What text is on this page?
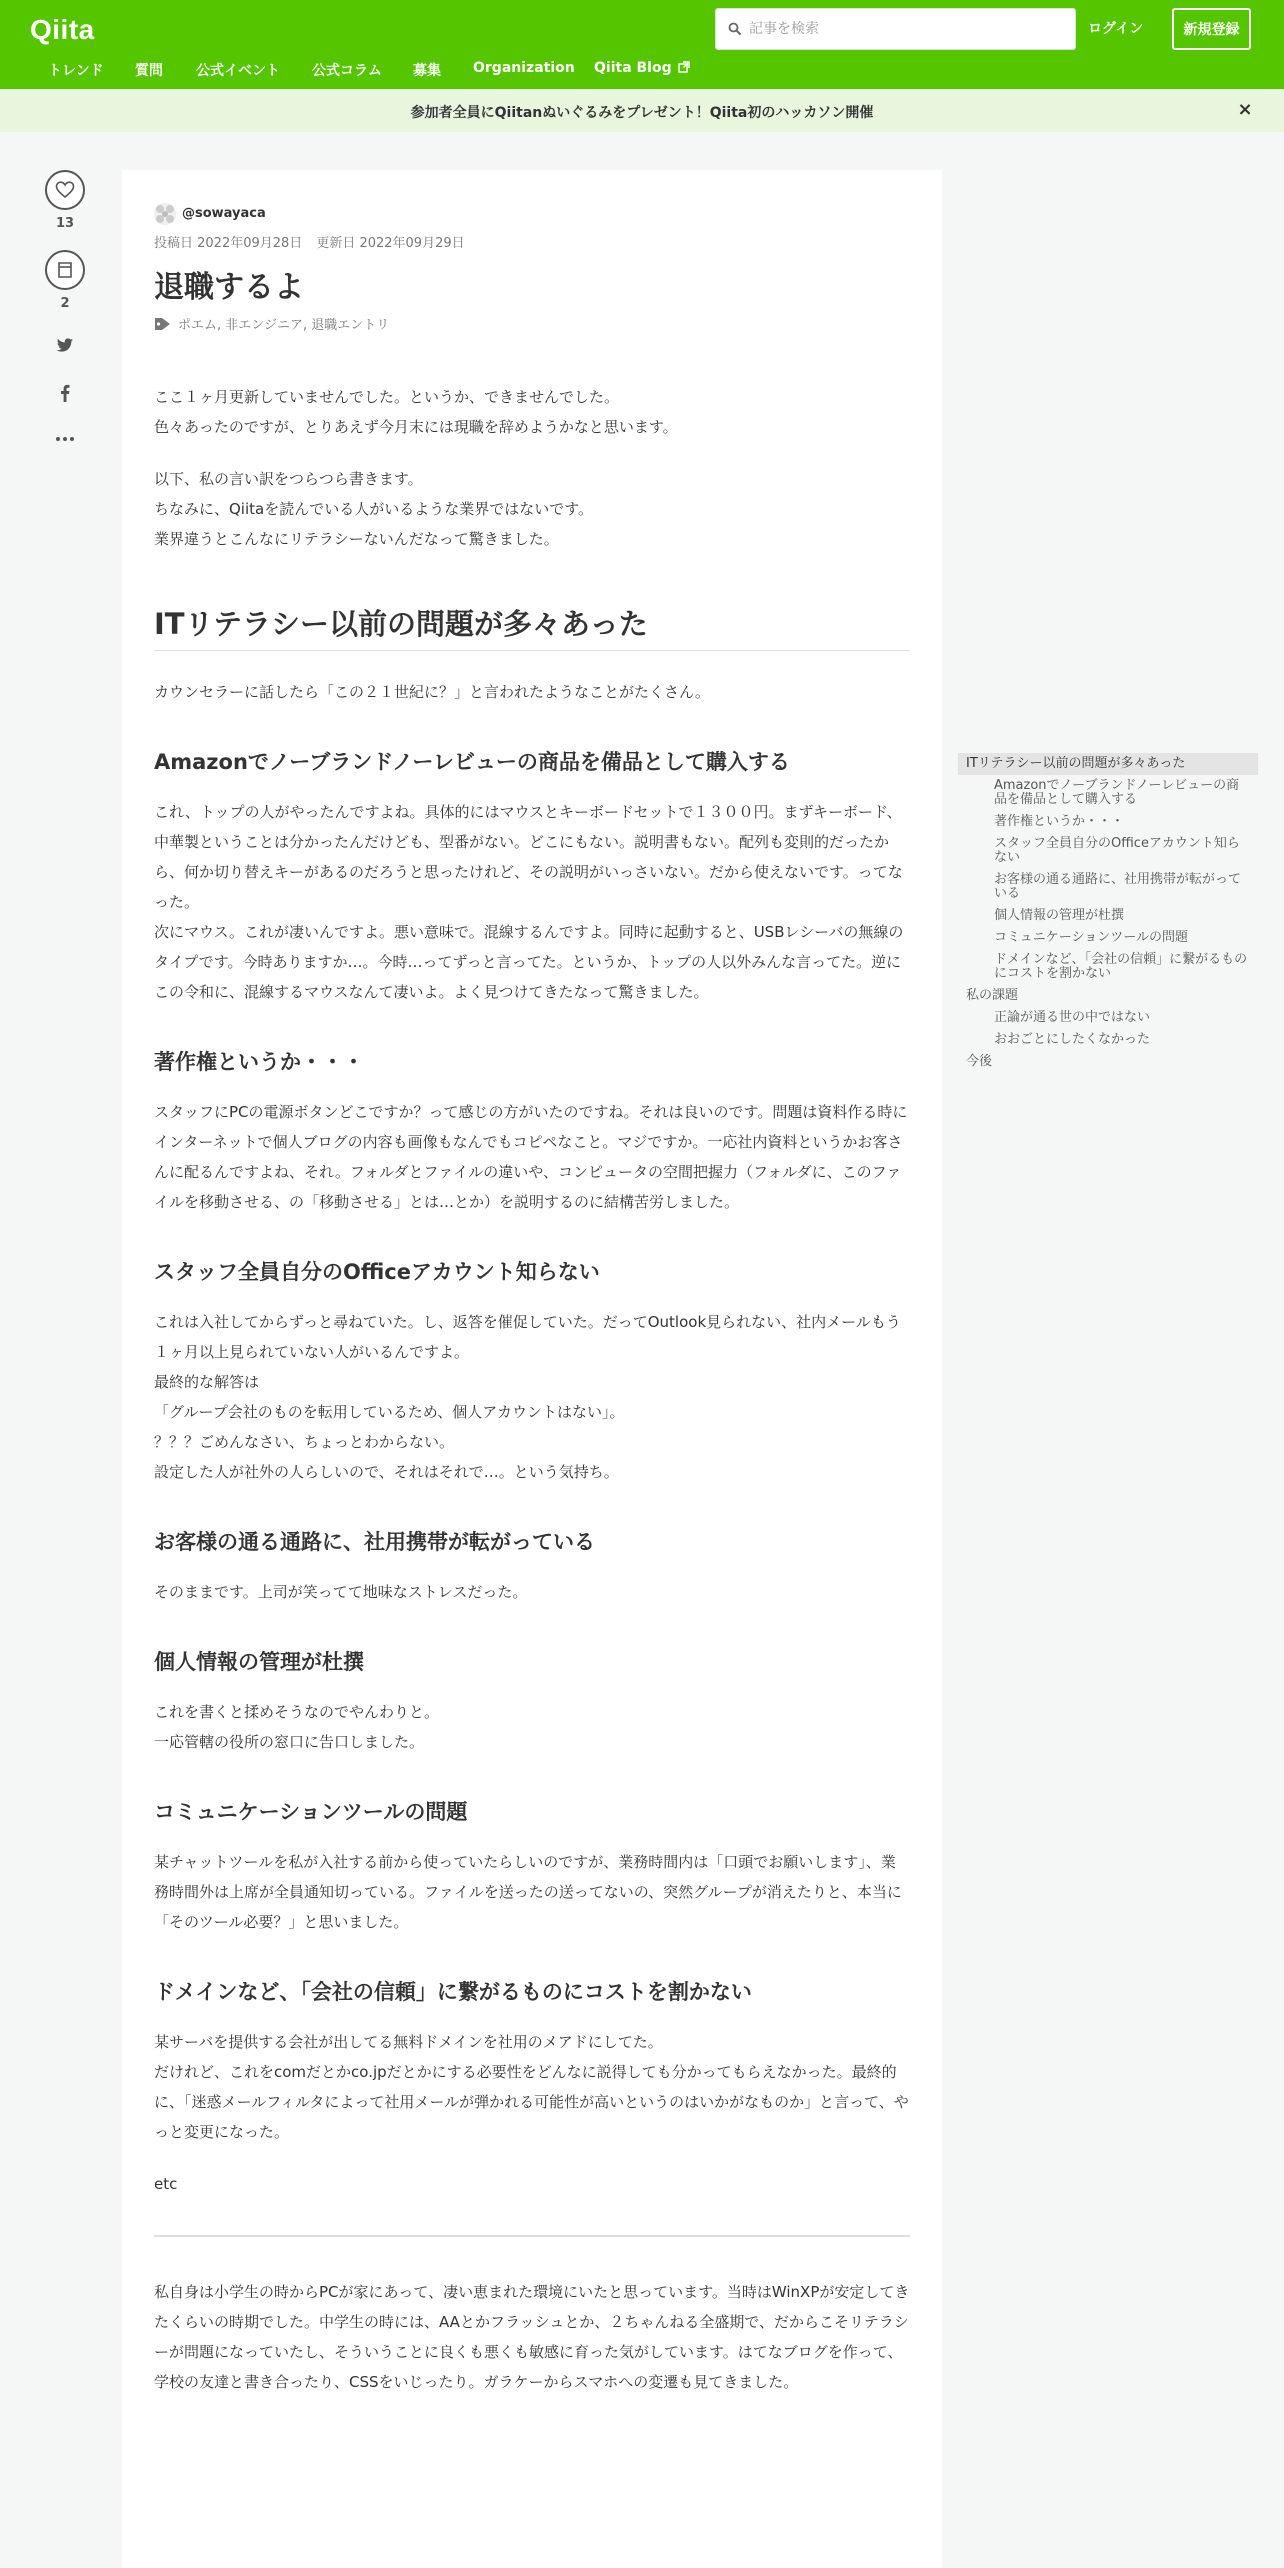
Qiita
記事を検索	ログイン	新規登録
トレンド 質問 公式イベント 公式コラム 募集 Organization Qiita Blog
参加者全員にQiitanぬいぐるみをプレゼント！Qiita初のハッカソン開催	×
13
2
@sowayaca
投稿日 2022年09月28日 更新日 2022年09月29日
退職するよ
ポエム, 非エンジニア, 退職エントリ

ここ１ヶ月更新していませんでした。というか、できませんでした。
色々あったのですが、とりあえず今月末には現職を辞めようかなと思います。

以下、私の言い訳をつらつら書きます。
ちなみに、Qiitaを読んでいる人がいるような業界ではないです。
業界違うとこんなにリテラシーないんだなって驚きました。

ITリテラシー以前の問題が多々あった

カウンセラーに話したら「この２１世紀に？」と言われたようなことがたくさん。

Amazonでノーブランドノーレビューの商品を備品として購入する

これ、トップの人がやったんですよね。具体的にはマウスとキーボードセットで１３００円。まずキーボード、中華製ということは分かったんだけども、型番がない。どこにもない。説明書もない。配列も変則的だったから、何か切り替えキーがあるのだろうと思ったけれど、その説明がいっさいない。だから使えないです。ってなった。
次にマウス。これが凄いんですよ。悪い意味で。混線するんですよ。同時に起動すると、USBレシーバの無線のタイプです。今時ありますか…。今時…ってずっと言ってた。というか、トップの人以外みんな言ってた。逆にこの令和に、混線するマウスなんて凄いよ。よく見つけてきたなって驚きました。

著作権というか・・・

スタッフにPCの電源ボタンどこですか？って感じの方がいたのですね。それは良いのです。問題は資料作る時にインターネットで個人ブログの内容も画像もなんでもコピペなこと。マジですか。一応社内資料というかお客さんに配るんですよね、それ。フォルダとファイルの違いや、コンピュータの空間把握力（フォルダに、このファイルを移動させる、の「移動させる」とは…とか）を説明するのに結構苦労しました。

スタッフ全員自分のOfficeアカウント知らない

これは入社してからずっと尋ねていた。し、返答を催促していた。だってOutlook見られない、社内メールもう１ヶ月以上見られていない人がいるんですよ。
最終的な解答は
「グループ会社のものを転用しているため、個人アカウントはない」。
？？？ごめんなさい、ちょっとわからない。
設定した人が社外の人らしいので、それはそれで…。という気持ち。

お客様の通る通路に、社用携帯が転がっている

そのままです。上司が笑ってて地味なストレスだった。

個人情報の管理が杜撰

これを書くと揉めそうなのでやんわりと。
一応管轄の役所の窓口に告口しました。

コミュニケーションツールの問題

某チャットツールを私が入社する前から使っていたらしいのですが、業務時間内は「口頭でお願いします」、業務時間外は上席が全員通知切っている。ファイルを送ったの送ってないの、突然グループが消えたりと、本当に「そのツール必要？」と思いました。

ドメインなど、「会社の信頼」に繋がるものにコストを割かない

某サーバを提供する会社が出してる無料ドメインを社用のメアドにしてた。
だけれど、これをcomだとかco.jpだとかにする必要性をどんなに説得しても分かってもらえなかった。最終的に、「迷惑メールフィルタによって社用メールが弾かれる可能性が高いというのはいかがなものか」と言って、やっと変更になった。

etc

私自身は小学生の時からPCが家にあって、凄い恵まれた環境にいたと思っています。当時はWinXPが安定してきたくらいの時期でした。中学生の時には、AAとかフラッシュとか、２ちゃんねる全盛期で、だからこそリテラシーが問題になっていたし、そういうことに良くも悪くも敏感に育った気がしています。はてなブログを作って、学校の友達と書き合ったり、CSSをいじったり。ガラケーからスマホへの変遷も見てきました。

ITリテラシー以前の問題が多々あった
Amazonでノーブランドノーレビューの商品を備品として購入する
著作権というか・・・
スタッフ全員自分のOfficeアカウント知らない
お客様の通る通路に、社用携帯が転がっている
個人情報の管理が杜撰
コミュニケーションツールの問題
ドメインなど、「会社の信頼」に繋がるものにコストを割かない
私の課題
正論が通る世の中ではない
おおごとにしたくなかった
今後
